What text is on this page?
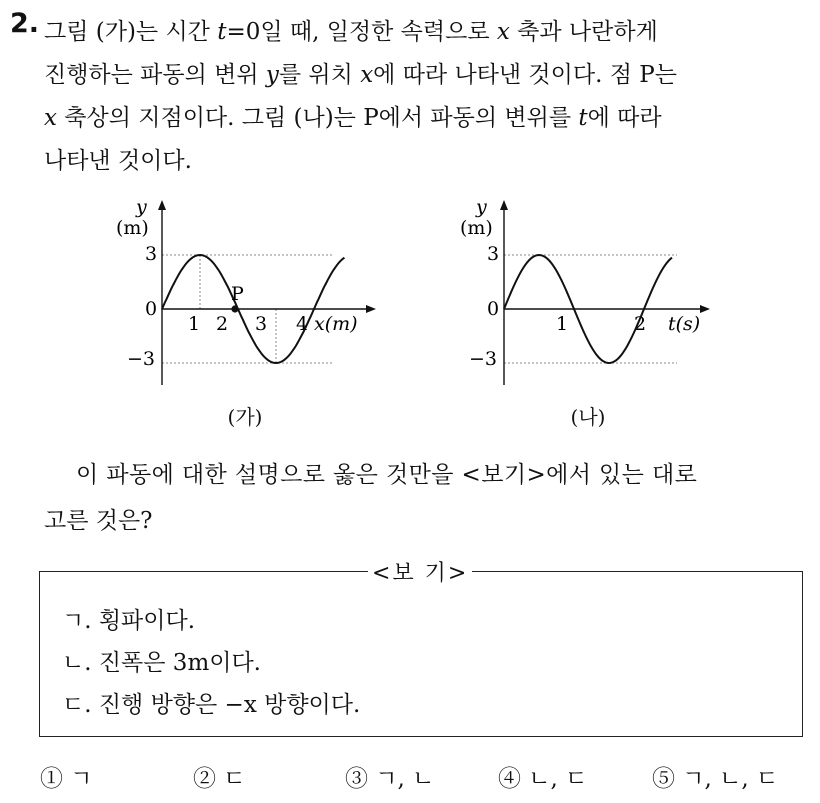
2. 그림 (가)는 시간 t=0일 때, 일정한 속력으로 x 축과 나란하게
진행하는 파동의 변위 y를 위치 x에 따라 나타낸 것이다. 점 P는
x 축상의 지점이다. 그림 (나)는 P에서 파동의 변위를 t에 따라
나타낸 것이다.
y
(m)
3
0
−3
1 2 3 4 x(m)
P
(가)
y
(m)
3
0
−3
1	2 t(s)
(나)
이 파동에 대한 설명으로 옳은 것만을 <보기>에서 있는 대로
고른 것은?
<보 기>
ㄱ. 횡파이다.
ㄴ. 진폭은 3m이다.
ㄷ. 진행 방향은 −x 방향이다.
① ㄱ	② ㄷ	③ ㄱ, ㄴ	④ ㄴ, ㄷ	⑤ ㄱ, ㄴ, ㄷ
